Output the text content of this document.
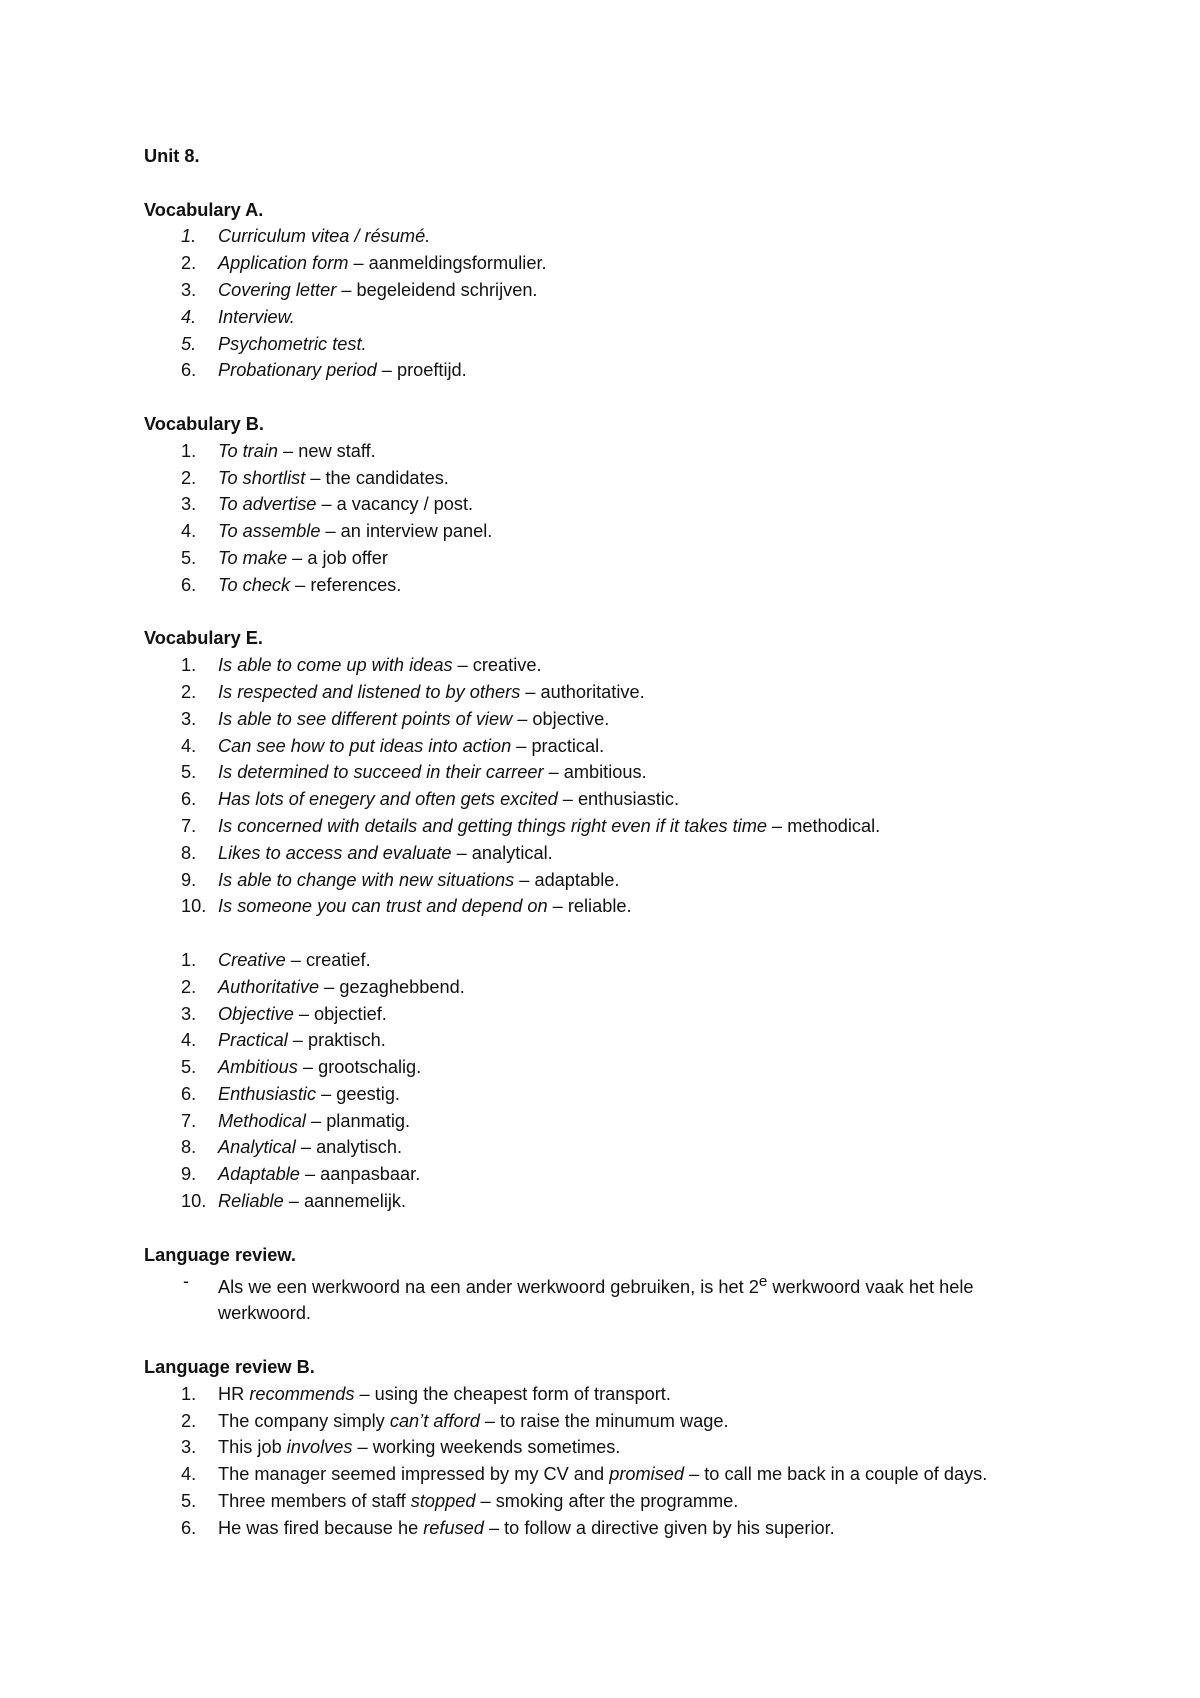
Unit 8.
Vocabulary A.
1. Curriculum vitea / résumé.
2. Application form – aanmeldingsformulier.
3. Covering letter – begeleidend schrijven.
4. Interview.
5. Psychometric test.
6. Probationary period – proeftijd.
Vocabulary B.
1. To train – new staff.
2. To shortlist – the candidates.
3. To advertise – a vacancy / post.
4. To assemble – an interview panel.
5. To make – a job offer
6. To check – references.
Vocabulary E.
1. Is able to come up with ideas – creative.
2. Is respected and listened to by others – authoritative.
3. Is able to see different points of view – objective.
4. Can see how to put ideas into action – practical.
5. Is determined to succeed in their carreer – ambitious.
6. Has lots of enegery and often gets excited – enthusiastic.
7. Is concerned with details and getting things right even if it takes time – methodical.
8. Likes to access and evaluate – analytical.
9. Is able to change with new situations – adaptable.
10. Is someone you can trust and depend on – reliable.
1. Creative – creatief.
2. Authoritative – gezaghebbend.
3. Objective – objectief.
4. Practical – praktisch.
5. Ambitious – grootschalig.
6. Enthusiastic – geestig.
7. Methodical – planmatig.
8. Analytical – analytisch.
9. Adaptable – aanpasbaar.
10. Reliable – aannemelijk.
Language review.
- Als we een werkwoord na een ander werkwoord gebruiken, is het 2e werkwoord vaak het hele werkwoord.
Language review B.
1. HR recommends – using the cheapest form of transport.
2. The company simply can’t afford – to raise the minumum wage.
3. This job involves – working weekends sometimes.
4. The manager seemed impressed by my CV and promised – to call me back in a couple of days.
5. Three members of staff stopped – smoking after the programme.
6. He was fired because he refused – to follow a directive given by his superior.
